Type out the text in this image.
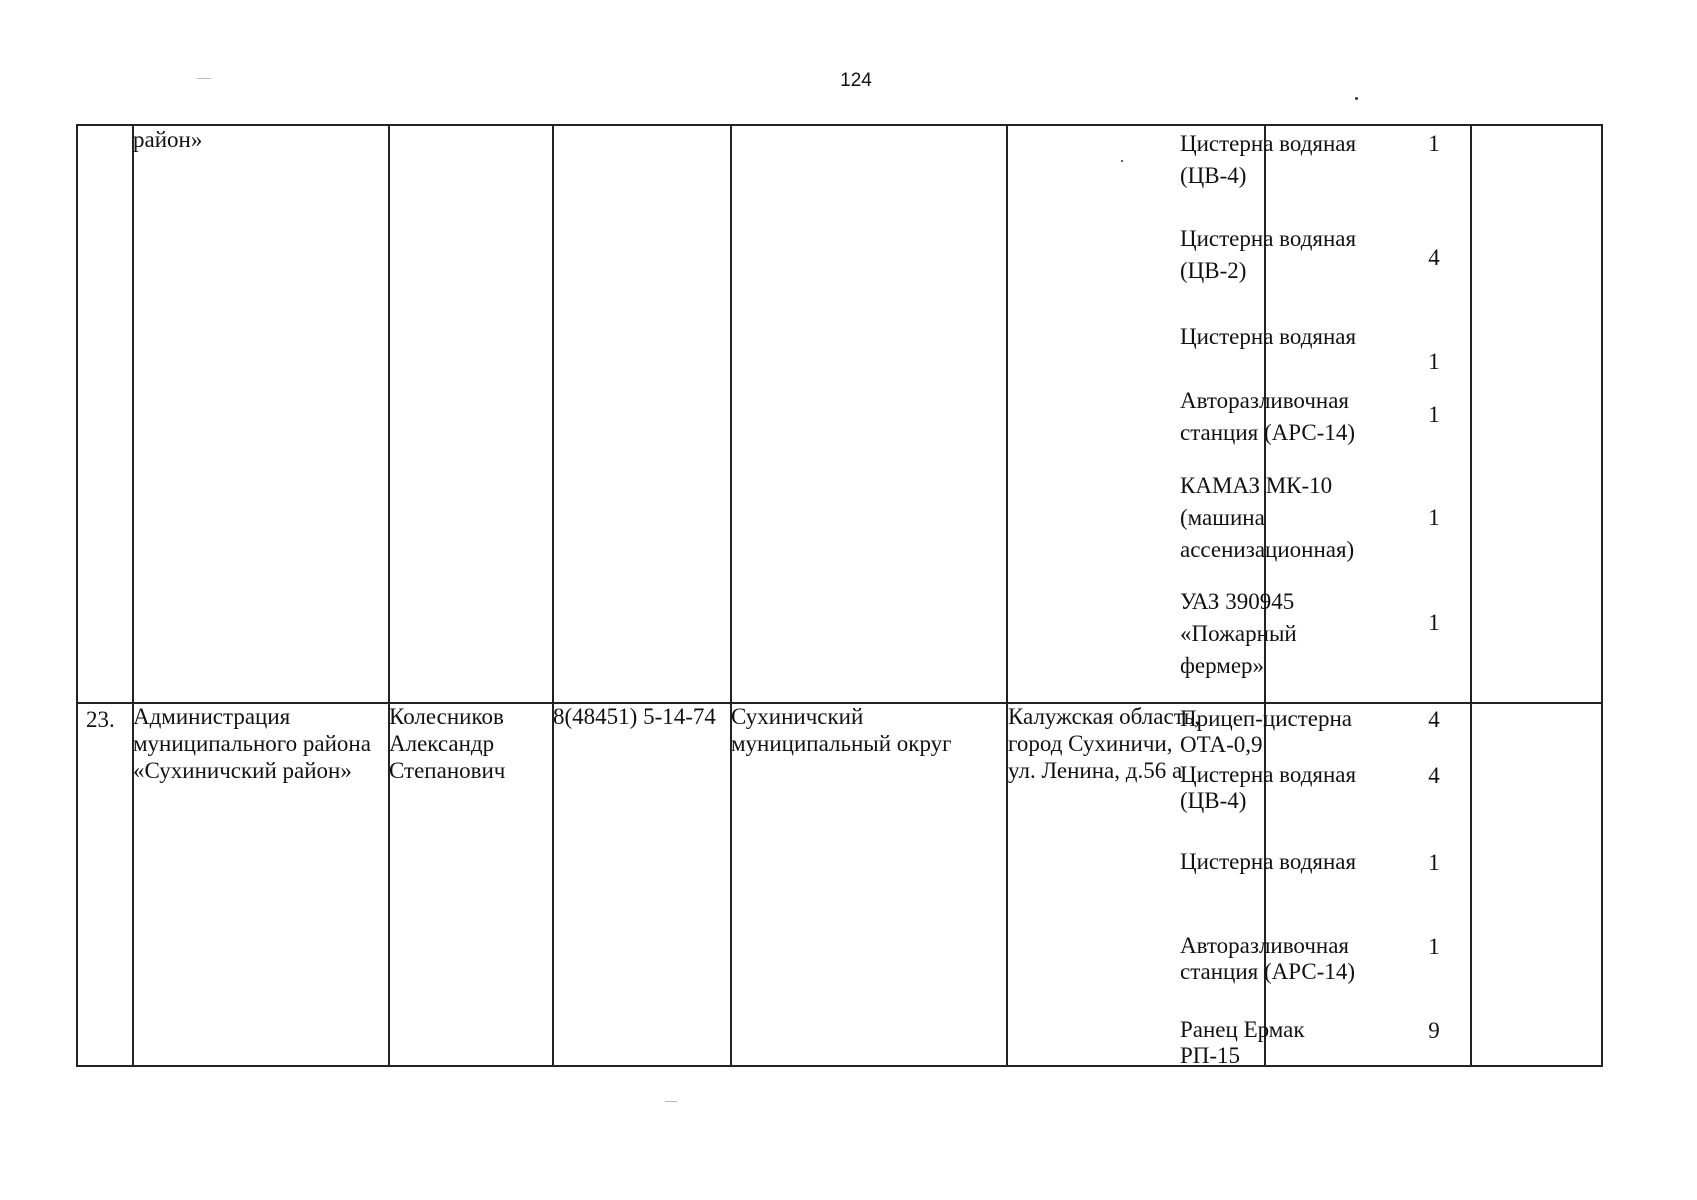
124
район»	Цистерна водяная
(ЦВ-4)
1
Цистерна водяная
(ЦВ-2)
4
Цистерна водяная
1
Авторазливочная
станция (АРС-14)
1
КАМАЗ МК-10
(машина
ассенизационная)
1
УАЗ 390945
«Пожарный
фермер»
1
23. Администрация
муниципального района
«Сухиничский район»
Колесников
Александр
Степанович
8(48451) 5-14-74 Сухиничский
муниципальный округ
Калужская область,
город Сухиничи,
ул. Ленина, д.56 а
Прицеп-цистерна
ОТА-0,9
4
Цистерна водяная
(ЦВ-4)
4
Цистерна водяная	1
Авторазливочная
станция (АРС-14)
1
Ранец Ермак
РП-15
9
